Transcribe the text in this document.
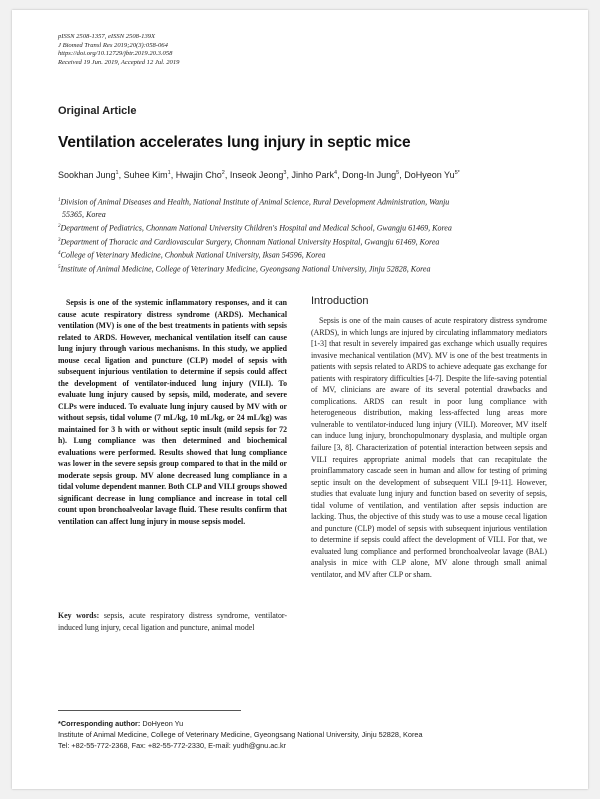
pISSN 2508-1357, eISSN 2508-139X
J Biomed Transl Res 2019;20(3):058-064
https://doi.org/10.12729/jbtr.2019.20.3.058
Received 19 Jun. 2019, Accepted 12 Jul. 2019
Original Article
Ventilation accelerates lung injury in septic mice
Sookhan Jung$^1$, Suhee Kim$^1$, Hwajin Cho$^2$, Inseok Jeong$^3$, Jinho Park$^4$, Dong-In Jung$^5$, DoHyeon $Yu^{5*}$
$^1$Division of Animal Diseases and Health, National Institute of Animal Science, Rural Development Administration, Wanju
55365, Korea
$^2$Department of Pediatrics, Chonnam National University Children's Hospital and Medical School, Gwangju 61469, Korea
$^3$Department of Thoracic and Cardiovascular Surgery, Chonnam National University Hospital, Gwangju 61469, Korea
$^4$College of Veterinary Medicine, Chonbuk National University, Iksan 54596, Korea
$^5$Institute of Animal Medicine, College of Veterinary Medicine, Gyeongsang National University, Jinju 52828, Korea
Sepsis is one of the systemic inflammatory responses, and it can cause acute respiratory distress syndrome (ARDS). Mechanical ventilation (MV) is one of the best treatments in patients with sepsis related to ARDS. However, mechanical ventilation itself can cause lung injury through various mechanisms. In this study, we applied mouse cecal ligation and puncture (CLP) model of sepsis with subsequent injurious ventilation to determine if sepsis could affect the development of ventilator-induced lung injury (VILI). To evaluate lung injury caused by sepsis, mild, moderate, and severe CLPs were induced. To evaluate lung injury caused by MV with or without sepsis, tidal volume (7 mL/kg, 10 mL/kg, or 24 mL/kg) was maintained for 3 h with or without septic insult (mild sepsis for 72 h). Lung compliance was then determined and biochemical evaluations were performed. Results showed that lung compliance was lower in the severe sepsis group compared to that in the mild or moderate sepsis group. MV alone decreased lung compliance in a tidal volume dependent manner. Both CLP and VILI groups showed significant decrease in lung compliance and increase in total cell count upon bronchoalveolar lavage fluid. These results confirm that ventilation can affect lung injury in mouse sepsis model.
Key words: sepsis, acute respiratory distress syndrome, ventilator-induced lung injury, cecal ligation and puncture, animal model
Introduction
Sepsis is one of the main causes of acute respiratory distress syndrome (ARDS), in which lungs are injured by circulating inflammatory mediators [1-3] that result in severely impaired gas exchange which usually requires invasive mechanical ventilation (MV). MV is one of the best treatments in patients with sepsis related to ARDS to achieve adequate gas exchange for patients with respiratory difficulties [4-7]. Despite the life-saving potential of MV, clinicians are aware of its several potential drawbacks and complications. ARDS can result in poor lung compliance with heterogeneous distribution, making less-affected lung areas more vulnerable to ventilator-induced lung injury (VILI). Moreover, MV itself can induce lung injury, bronchopulmonary dysplasia, and multiple organ failure [3, 8]. Characterization of potential interaction between sepsis and VILI requires appropriate animal models that can recapitulate the proinflammatory cascade seen in human and allow for testing of priming septic insult on the development of subsequent VILI [9-11]. However, studies that evaluate lung injury and function based on severity of sepsis, tidal volume of ventilation, and ventilation after sepsis induction are lacking. Thus, the objective of this study was to use a mouse cecal ligation and puncture (CLP) model of sepsis with subsequent injurious ventilation to determine if sepsis could affect the development of VILI. For that, we evaluated lung compliance and performed bronchoalveolar lavage (BAL) analysis in mice with CLP alone, MV alone through small animal ventilator, and MV after CLP or sham.
*Corresponding author: DoHyeon Yu
Institute of Animal Medicine, College of Veterinary Medicine, Gyeongsang National University, Jinju 52828, Korea
Tel: +82-55-772-2368, Fax: +82-55-772-2330, E-mail: yudh@gnu.ac.kr
